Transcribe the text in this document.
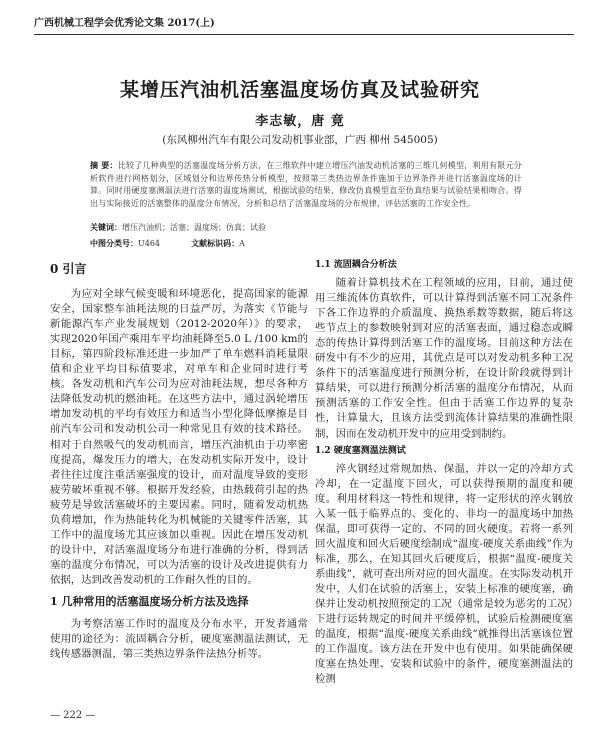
广西机械工程学会优秀论文集 2017(上)
某增压汽油机活塞温度场仿真及试验研究
李志敏，唐 竟
(东风柳州汽车有限公司发动机事业部，广西 柳州 545005)
摘 要：比较了几种典型的活塞温度场分析方法，在三维软件中建立增压汽油发动机活塞的三维几何模型，利用有限元分析软件进行网格划分，区域划分和边界传热分析模型，按照第三类热边界条件施加于边界条件并进行活塞温度场的计算。同时用硬度塞测温法进行活塞的温度场测试，根据试验的结果，修改仿真模型直至仿真结果与试验结果相吻合。得出与实际接近的活塞整体的温度分布情况，分析和总结了活塞温度场的分布规律，评估活塞的工作安全性。
关键词：增压汽油机；活塞；温度场；仿真；试验
中图分类号：U464	文献标识码：A
0 引言

为应对全球气候变暖和环境恶化，提高国家的能源安全，国家整车油耗法规的日益严厉，为落实《节能与新能源汽车产业发展规划（2012-2020年）》的要求，实现2020年国产乘用车平均油耗降至5.0 L /100 km的目标，第四阶段标准还进一步加严了单车燃料消耗量限值和企业平均目标值要求，对单车和企业同时进行考核。各发动机和汽车公司为应对油耗法规，想尽各种方法降低发动机的燃油耗。在这些方法中，通过涡轮增压增加发动机的平均有效压力和适当小型化降低摩擦是目前汽车公司和发动机公司一种常见且有效的技术路径。相对于自然吸气的发动机而言，增压汽油机由于功率密度提高，爆发压力的增大，在发动机实际开发中，设计者往往过度注重活塞强度的设计，而对温度导致的变形疲劳破坏重视不够。根据开发经验，由热载荷引起的热疲劳是导致活塞破坏的主要因素。同时，随着发动机热负荷增加，作为热能转化为机械能的关键零件活塞，其工作中的温度场尤其应该加以重视。因此在增压发动机的设计中，对活塞温度场分布进行准确的分析，得到活塞的温度分布情况，可以为活塞的设计及改进提供有力依据，达到改善发动机的工作耐久性的目的。

1 几种常用的活塞温度场分析方法及选择

为考察活塞工作时的温度及分布水平，开发者通常使用的途径为：流固耦合分析，硬度塞测温法测试，无线传感器测温，第三类热边界条件法热分析等。

1.1 流固耦合分析法

随着计算机技术在工程领域的应用，目前，通过使用三维流体仿真软件，可以计算得到活塞不同工况条件下各工作边界的介质温度、换热系数等数据，随后将这些节点上的参数映射到对应的活塞表面，通过稳态或瞬态的传热计算得到活塞工作的温度场。目前这种方法在研发中有不少的应用，其优点是可以对发动机多种工况条件下的活塞温度进行预测分析，在设计阶段就得到计算结果，可以进行预测分析活塞的温度分布情况，从而预测活塞的工作安全性。但由于活塞工作边界的复杂性，计算量大，且该方法受到流体计算结果的准确性限制，因而在发动机开发中的应用受到制约。

1.2 硬度塞测温法测试

淬火钢经过常规加热、保温，并以一定的冷却方式冷却，在一定温度下回火，可以获得预期的温度和硬度。利用材料这一特性和规律，将一定形状的淬火钢放入某一低于临界点的、变化的、非均一的温度场中加热保温，即可获得一定的、不同的回火硬度。若将一系列回火温度和回火后硬度绘制成“温度-硬度关系曲线”作为标准，那么，在知其回火后硬度后，根据“温度-硬度关系曲线”，就可查出所对应的回火温度。在实际发动机开发中，人们在试验的活塞上，安装上标准的硬度塞，确保并让发动机按照预定的工况（通常是较为恶劣的工况）下进行运转规定的时间并平缓停机，试验后检测硬度塞的温度，根据“温度-硬度关系曲线”就推得出活塞该位置的工作温度。该方法在开发中也有使用。如果能确保硬度塞在热处理、安装和试验中的条件，硬度塞测温法的检测

— 222 —
